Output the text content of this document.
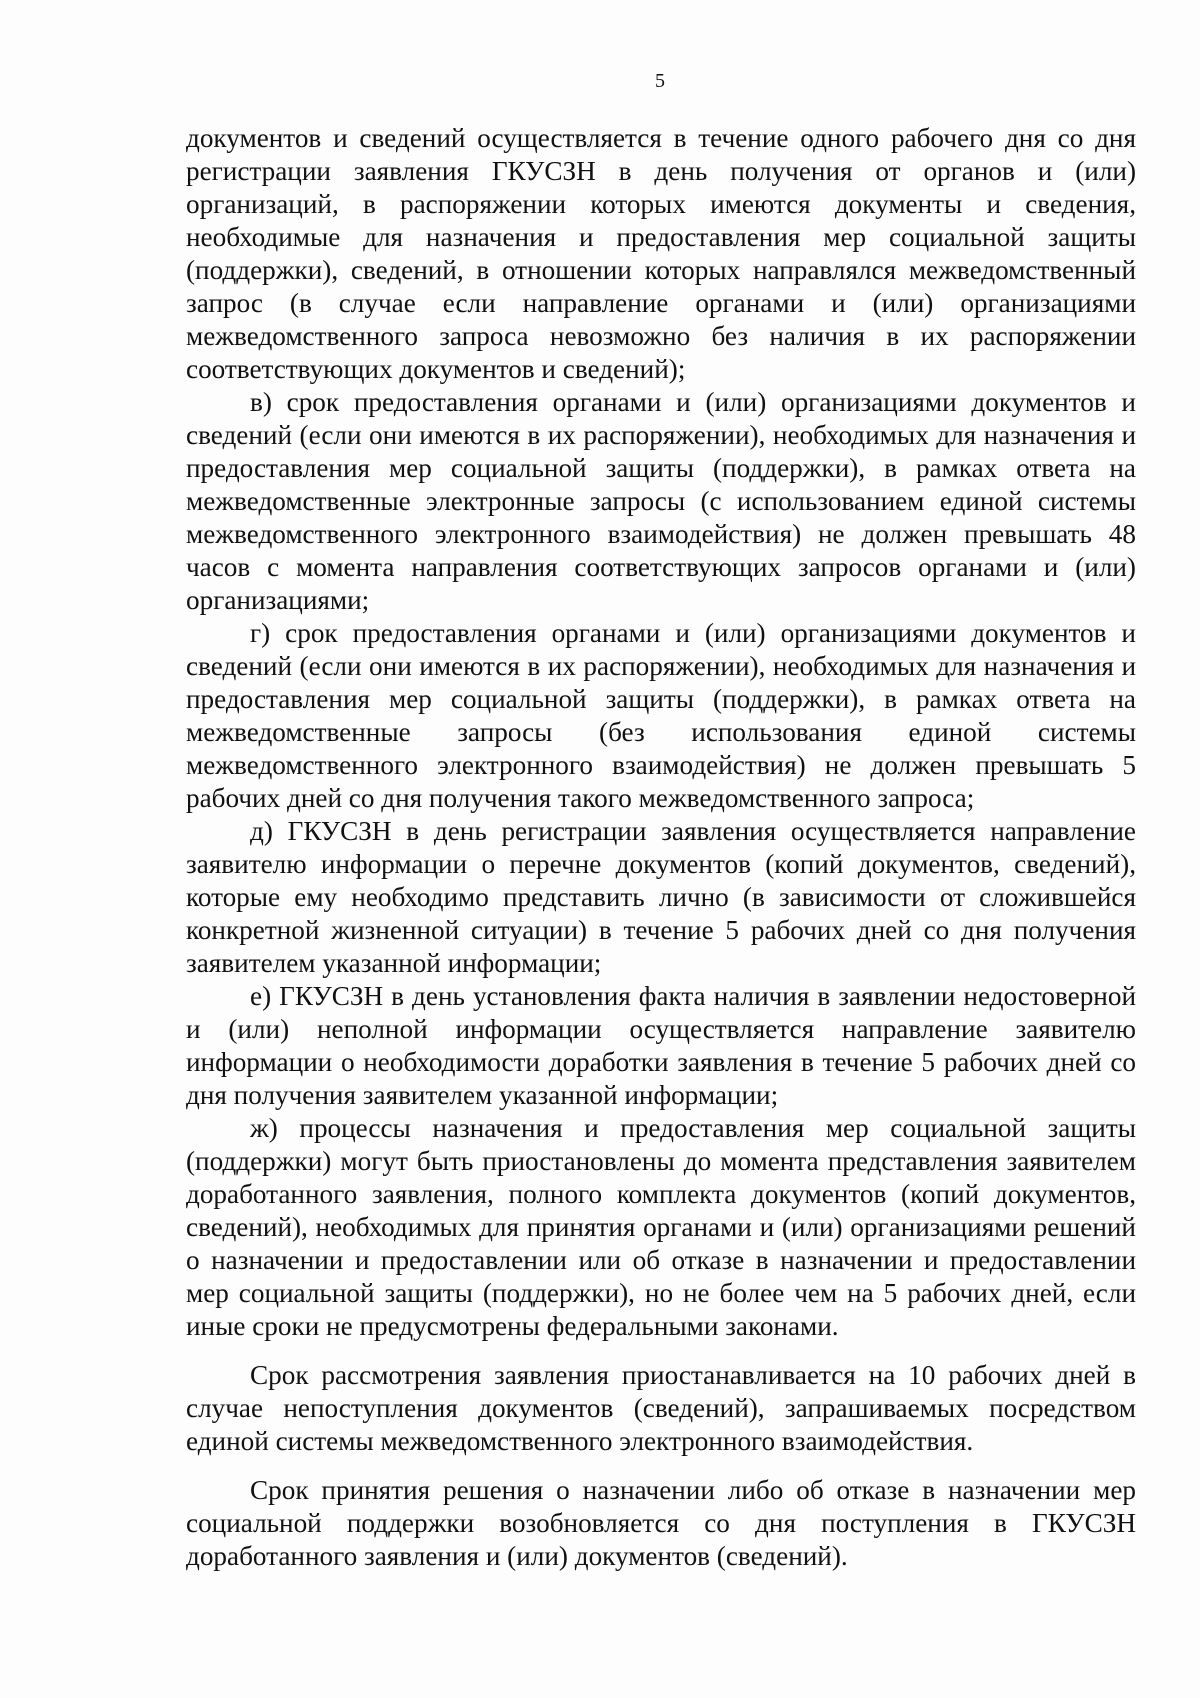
5

документов и сведений осуществляется в течение одного рабочего дня со дня регистрации заявления ГКУСЗН в день получения от органов и (или) организаций, в распоряжении которых имеются документы и сведения, необходимые для назначения и предоставления мер социальной защиты (поддержки), сведений, в отношении которых направлялся межведомственный запрос (в случае если направление органами и (или) организациями межведомственного запроса невозможно без наличия в их распоряжении соответствующих документов и сведений);

в) срок предоставления органами и (или) организациями документов и сведений (если они имеются в их распоряжении), необходимых для назначения и предоставления мер социальной защиты (поддержки), в рамках ответа на межведомственные электронные запросы (с использованием единой системы межведомственного электронного взаимодействия) не должен превышать 48 часов с момента направления соответствующих запросов органами и (или) организациями;

г) срок предоставления органами и (или) организациями документов и сведений (если они имеются в их распоряжении), необходимых для назначения и предоставления мер социальной защиты (поддержки), в рамках ответа на межведомственные запросы (без использования единой системы межведомственного электронного взаимодействия) не должен превышать 5 рабочих дней со дня получения такого межведомственного запроса;

д) ГКУСЗН в день регистрации заявления осуществляется направление заявителю информации о перечне документов (копий документов, сведений), которые ему необходимо представить лично (в зависимости от сложившейся конкретной жизненной ситуации) в течение 5 рабочих дней со дня получения заявителем указанной информации;

е) ГКУСЗН в день установления факта наличия в заявлении недостоверной и (или) неполной информации осуществляется направление заявителю информации о необходимости доработки заявления в течение 5 рабочих дней со дня получения заявителем указанной информации;

ж) процессы назначения и предоставления мер социальной защиты (поддержки) могут быть приостановлены до момента представления заявителем доработанного заявления, полного комплекта документов (копий документов, сведений), необходимых для принятия органами и (или) организациями решений о назначении и предоставлении или об отказе в назначении и предоставлении мер социальной защиты (поддержки), но не более чем на 5 рабочих дней, если иные сроки не предусмотрены федеральными законами.

Срок рассмотрения заявления приостанавливается на 10 рабочих дней в случае непоступления документов (сведений), запрашиваемых посредством единой системы межведомственного электронного взаимодействия.

Срок принятия решения о назначении либо об отказе в назначении мер социальной поддержки возобновляется со дня поступления в ГКУСЗН доработанного заявления и (или) документов (сведений).
